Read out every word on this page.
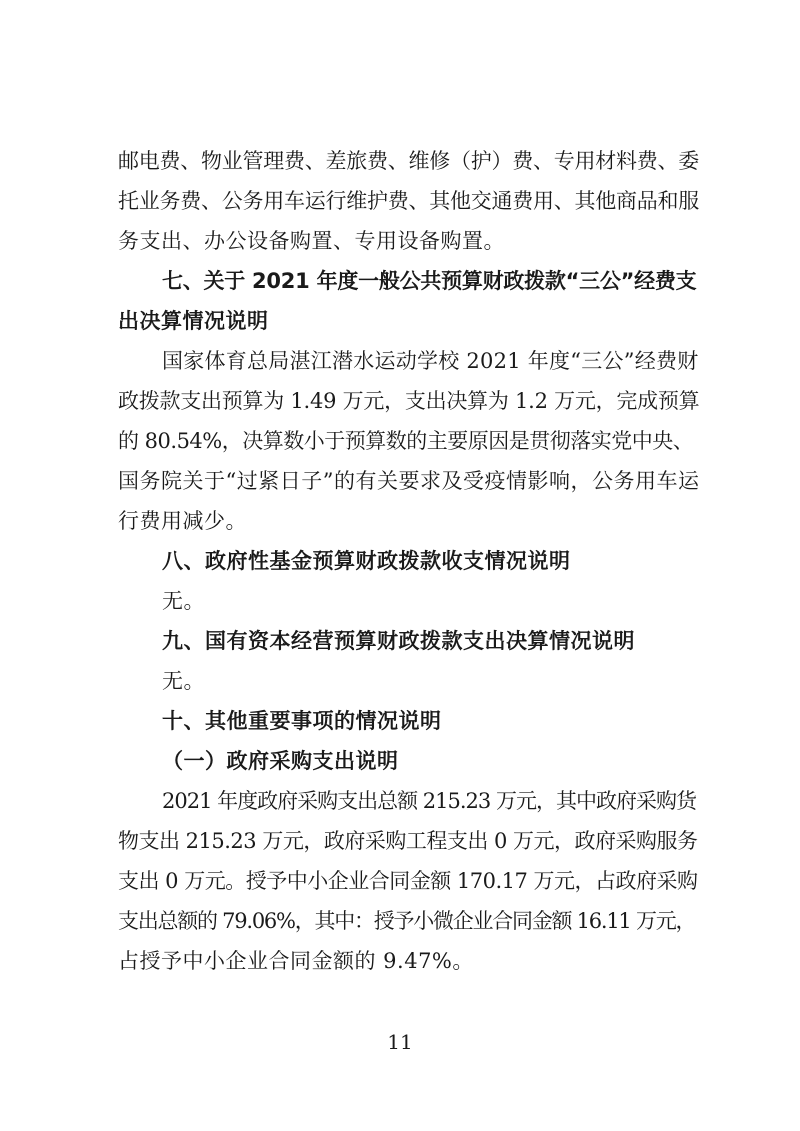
邮电费、物业管理费、差旅费、维修（护）费、专用材料费、委
托业务费、公务用车运行维护费、其他交通费用、其他商品和服
务支出、办公设备购置、专用设备购置。
七、关于 2021 年度一般公共预算财政拨款“三公”经费支
出决算情况说明
国家体育总局湛江潜水运动学校 2021 年度“三公”经费财
政拨款支出预算为 1.49 万元，支出决算为 1.2 万元，完成预算
的 80.54%，决算数小于预算数的主要原因是贯彻落实党中央、
国务院关于“过紧日子”的有关要求及受疫情影响，公务用车运
行费用减少。
八、政府性基金预算财政拨款收支情况说明
无。
九、国有资本经营预算财政拨款支出决算情况说明
无。
十、其他重要事项的情况说明
（一）政府采购支出说明
2021 年度政府采购支出总额 215.23 万元，其中政府采购货
物支出 215.23 万元，政府采购工程支出 0 万元，政府采购服务
支出 0 万元。授予中小企业合同金额 170.17 万元，占政府采购
支出总额的 79.06%，其中：授予小微企业合同金额 16.11 万元，
占授予中小企业合同金额的 9.47%。
11
